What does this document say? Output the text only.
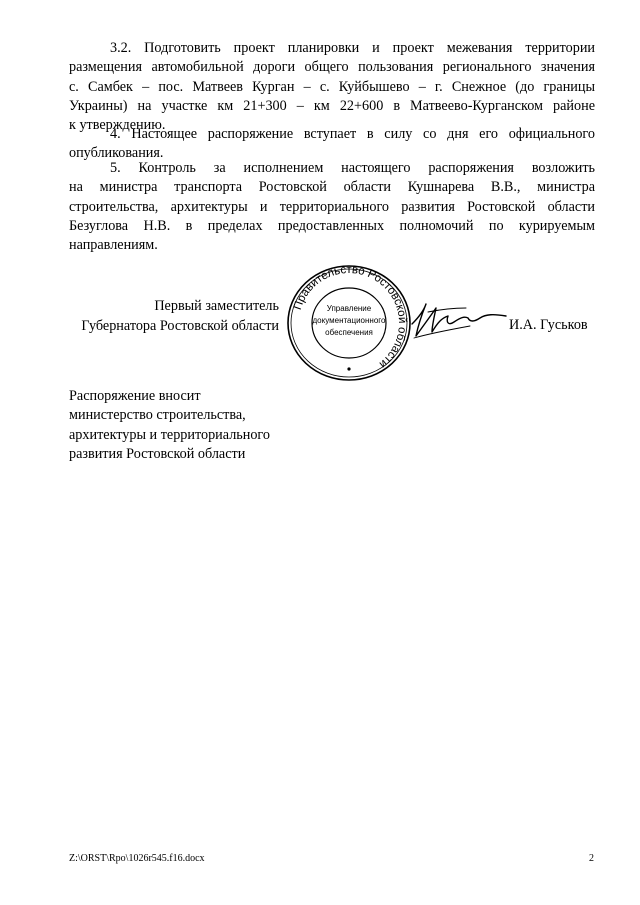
3.2. Подготовить проект планировки и проект межевания территории
размещения автомобильной дороги общего пользования регионального значения
с. Самбек – пос. Матвеев Курган – с. Куйбышево – г. Снежное (до границы
Украины) на участке км 21+300 – км 22+600 в Матвеево-Курганском районе
к утверждению.
4. Настоящее распоряжение вступает в силу со дня его официального
опубликования.
5. Контроль за исполнением настоящего распоряжения возложить
на министра транспорта Ростовской области Кушнарева В.В., министра
строительства, архитектуры и территориального развития Ростовской области
Безуглова Н.В. в пределах предоставленных полномочий по курируемым
направлениям.
Первый заместитель
Губернатора Ростовской области
Правительство Ростовской области
Управление
документационного
обеспечения	И.А. Гуськов
Распоряжение вносит
министерство строительства,
архитектуры и территориального
развития Ростовской области
Z:\ORST\Rpo\1026r545.f16.docx	2
